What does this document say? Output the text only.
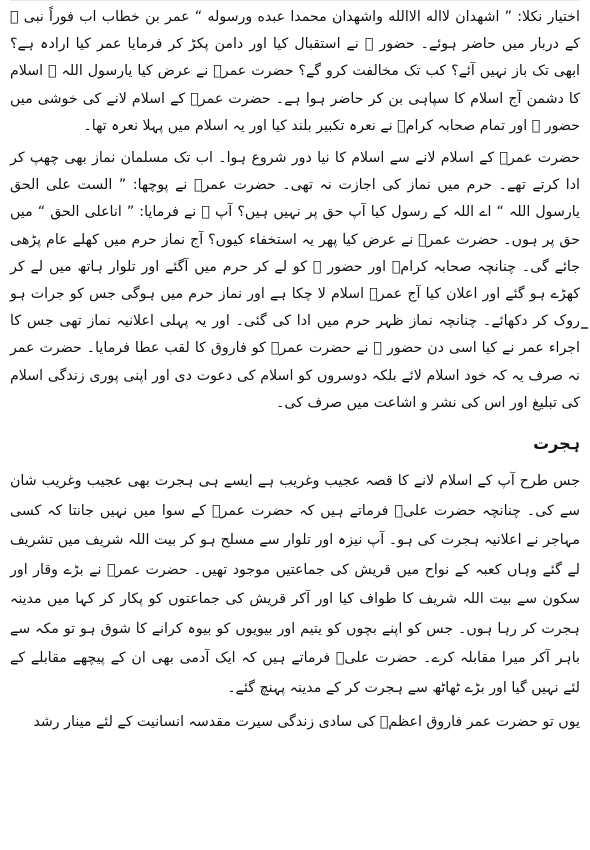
اختیار نکلا: ” اشهدان لااله الاالله واشهدان محمدا عبده ورسوله “ عمر بن خطاب اب فوراً نبی ﷺ کے دربار میں حاضر ہوئے۔ حضور ﷺ نے استقبال کیا اور دامن پکڑ کر فرمایا عمر کیا ارادہ ہے؟ ابھی تک باز نہیں آئے؟ کب تک مخالفت کرو گے؟ حضرت عمرؓ نے عرض کیا یارسول اللہ ﷺ اسلام کا دشمن آج اسلام کا سپاہی بن کر حاضر ہوا ہے۔ حضرت عمرؓ کے اسلام لانے کی خوشی میں حضور ﷺ اور تمام صحابہ کرامؓ نے نعرہ تکبیر بلند کیا اور یہ اسلام میں پہلا نعرہ تھا۔

حضرت عمرؓ کے اسلام لانے سے اسلام کا نیا دور شروع ہوا۔ اب تک مسلمان نماز بھی چھپ کر ادا کرتے تھے۔ حرم میں نماز کی اجازت نہ تھی۔ حضرت عمرؓ نے پوچھا: ” الست علی الحق یارسول اللہ “ اے اللہ کے رسول کیا آپ حق پر نہیں ہیں؟ آپ ﷺ نے فرمایا: ” اناعلی الحق “ میں حق پر ہوں۔ حضرت عمرؓ نے عرض کیا پھر یہ استخفاء کیوں؟ آج نماز حرم میں کھلے عام پڑھی جائے گی۔ چنانچہ صحابہ کرامؓ اور حضور ﷺ کو لے کر حرم میں آگئے اور تلوار ہاتھ میں لے کر کھڑے ہو گئے اور اعلان کیا آج عمرؓ اسلام لا چکا ہے اور نماز حرم میں ہوگی جس کو جرات ہو روک کر دکھائے۔ چنانچہ نماز ظہر حرم میں ادا کی گئی۔ اور یہ پہلی اعلانیہ نماز تھی جس کا اجراء عمر نے کیا اسی دن حضور ﷺ نے حضرت عمرؓ کو فاروق کا لقب عطا فرمایا۔ حضرت عمر نہ صرف یہ کہ خود اسلام لائے بلکہ دوسروں کو اسلام کی دعوت دی اور اپنی پوری زندگی اسلام کی تبلیغ اور اس کی نشر و اشاعت میں صرف کی۔

ہجرت

جس طرح آپ کے اسلام لانے کا قصہ عجیب وغریب ہے ایسے ہی ہجرت بھی عجیب وغریب شان سے کی۔ چنانچہ حضرت علیؓ فرماتے ہیں کہ حضرت عمرؓ کے سوا میں نہیں جانتا کہ کسی مہاجر نے اعلانیہ ہجرت کی ہو۔ آپ نیزہ اور تلوار سے مسلح ہو کر بیت اللہ شریف میں تشریف لے گئے وہاں کعبہ کے نواح میں قریش کی جماعتیں موجود تھیں۔ حضرت عمرؓ نے بڑے وقار اور سکون سے بیت اللہ شریف کا طواف کیا اور آکر قریش کی جماعتوں کو پکار کر کہا میں مدینہ ہجرت کر رہا ہوں۔ جس کو اپنے بچوں کو یتیم اور بیویوں کو بیوہ کرانے کا شوق ہو تو مکہ سے باہر آکر میرا مقابلہ کرے۔ حضرت علیؓ فرماتے ہیں کہ ایک آدمی بھی ان کے پیچھے مقابلے کے لئے نہیں گیا اور بڑے ٹھاٹھ سے ہجرت کر کے مدینہ پہنچ گئے۔

یوں تو حضرت عمر فاروق اعظمؓ کی سادی زندگی سیرت مقدسہ انسانیت کے لئے مینار رشد
